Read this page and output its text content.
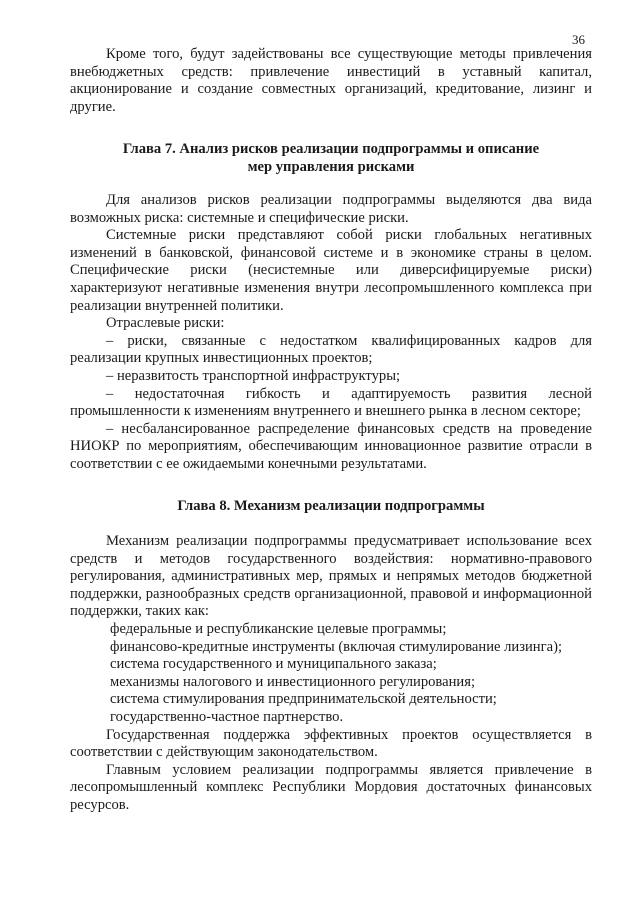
36

Кроме того, будут задействованы все существующие методы привлечения внебюджетных средств: привлечение инвестиций в уставный капитал, акционирование и создание совместных организаций, кредитование, лизинг и другие.

Глава 7. Анализ рисков реализации подпрограммы и описание
мер управления рисками

Для анализов рисков реализации подпрограммы выделяются два вида возможных риска: системные и специфические риски.

Системные риски представляют собой риски глобальных негативных изменений в банковской, финансовой системе и в экономике страны в целом. Специфические риски (несистемные или диверсифицируемые риски) характеризуют негативные изменения внутри лесопромышленного комплекса при реализации внутренней политики.

Отраслевые риски:

– риски, связанные с недостатком квалифицированных кадров для реализации крупных инвестиционных проектов;

– неразвитость транспортной инфраструктуры;

– недостаточная гибкость и адаптируемость развития лесной промышленности к изменениям внутреннего и внешнего рынка в лесном секторе;

– несбалансированное распределение финансовых средств на проведение НИОКР по мероприятиям, обеспечивающим инновационное развитие отрасли в соответствии с ее ожидаемыми конечными результатами.

Глава 8. Механизм реализации подпрограммы

Механизм реализации подпрограммы предусматривает использование всех средств и методов государственного воздействия: нормативно-правового регулирования, административных мер, прямых и непрямых методов бюджетной поддержки, разнообразных средств организационной, правовой и информационной поддержки, таких как:

федеральные и республиканские целевые программы;

финансово-кредитные инструменты (включая стимулирование лизинга);

система государственного и муниципального заказа;

механизмы налогового и инвестиционного регулирования;

система стимулирования предпринимательской деятельности;

государственно-частное партнерство.

Государственная поддержка эффективных проектов осуществляется в соответствии с действующим законодательством.

Главным условием реализации подпрограммы является привлечение в лесопромышленный комплекс Республики Мордовия достаточных финансовых ресурсов.
